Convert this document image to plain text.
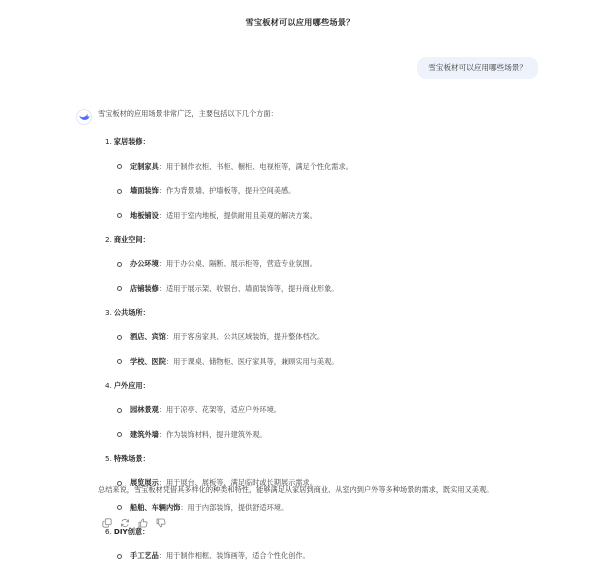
雪宝板材可以应用哪些场景？
雪宝板材可以应用哪些场景？
雪宝板材的应用场景非常广泛，主要包括以下几个方面：
1. 家居装修：
定制家具 ：用于制作衣柜、书柜、橱柜、电视柜等，满足个性化需求。
墙面装饰 ：作为背景墙、护墙板等，提升空间美感。
地板铺设 ：适用于室内地板，提供耐用且美观的解决方案。
2. 商业空间：
办公环境 ：用于办公桌、隔断、展示柜等，营造专业氛围。
店铺装修 ：适用于展示架、收银台、墙面装饰等，提升商业形象。
3. 公共场所：
酒店、宾馆 ：用于客房家具、公共区域装饰，提升整体档次。
学校、医院 ：用于课桌、储物柜、医疗家具等，兼顾实用与美观。
4. 户外应用：
园林景观 ：用于凉亭、花架等，适应户外环境。
建筑外墙 ：作为装饰材料，提升建筑外观。
5. 特殊场景：
展览展示 ：用于展台、展板等，满足临时或长期展示需求。
船舶、车辆内饰 ：用于内部装饰，提供舒适环境。
6. DIY创意：
手工艺品 ：用于制作相框、装饰画等，适合个性化创作。
总结来说，雪宝板材凭借其多样化的种类和特性，能够满足从家居到商业、从室内到户外等多种场景的需求，既实用又美观。
